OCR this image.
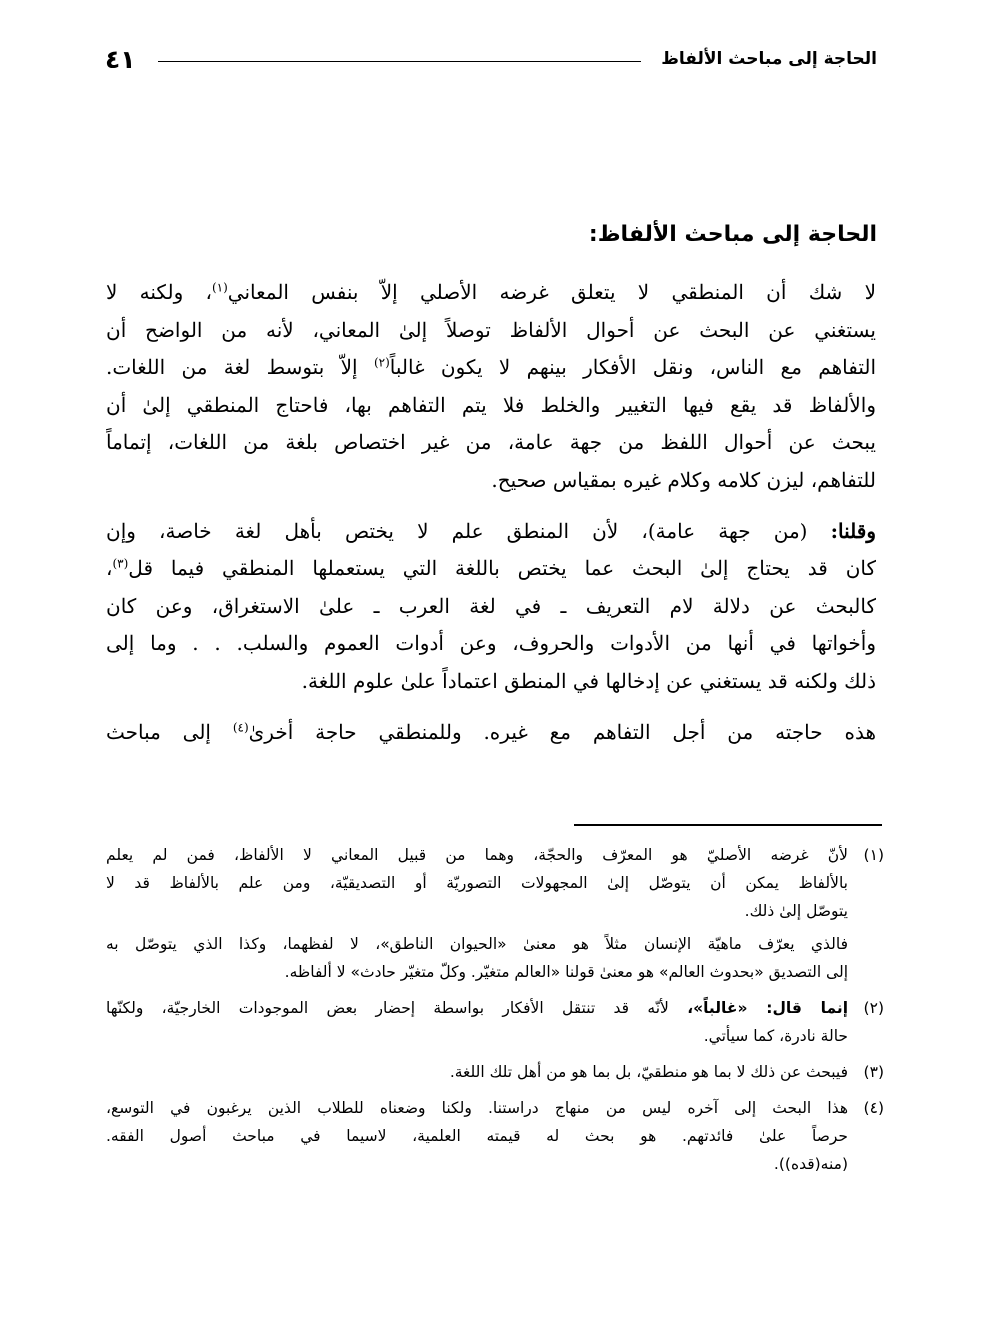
الحاجة إلى مباحث الألفاظ
٤١
الحاجة إلى مباحث الألفاظ:
لا شك أن المنطقي لا يتعلق غرضه الأصلي إلاّ بنفس المعاني$^{(١)}$، ولكنه لا
يستغني عن البحث عن أحوال الألفاظ توصلاً إلىٰ المعاني، لأنه من الواضح أن
التفاهم مع الناس، ونقل الأفكار بينهم لا يكون غالباً$^{(٢)}$ إلاّ بتوسط لغة من اللغات.
والألفاظ قد يقع فيها التغيير والخلط فلا يتم التفاهم بها، فاحتاج المنطقي إلىٰ أن
يبحث عن أحوال اللفظ من جهة عامة، من غير اختصاص بلغة من اللغات، إتماماً
للتفاهم، ليزن كلامه وكلام غيره بمقياس صحيح.
وقلنا: (من جهة عامة)، لأن المنطق علم لا يختص بأهل لغة خاصة، وإن
كان قد يحتاج إلىٰ البحث عما يختص باللغة التي يستعملها المنطقي فيما قل$^{(٣)}$،
كالبحث عن دلالة لام التعريف ـ في لغة العرب ـ علىٰ الاستغراق، وعن كان
وأخواتها في أنها من الأدوات والحروف، وعن أدوات العموم والسلب. . . وما إلى
ذلك ولكنه قد يستغني عن إدخالها في المنطق اعتماداً علىٰ علوم اللغة.
هذه حاجته من أجل التفاهم مع غيره. وللمنطقي حاجة أخرىٰ$^{(٤)}$ إلى مباحث
(١)
لأنّ غرضه الأصليّ هو المعرّف والحجّة، وهما من قبيل المعاني لا الألفاظ، فمن لم يعلم
بالألفاظ يمكن أن يتوصّل إلىٰ المجهولات التصوريّة أو التصديقيّة، ومن علم بالألفاظ قد لا
يتوصّل إلىٰ ذلك.
فالذي يعرّف ماهيّة الإنسان مثلاً هو معنىٰ «الحيوان الناطق»، لا لفظهما، وكذا الذي يتوصّل به
إلى التصديق «بحدوث العالم» هو معنىٰ قولنا «العالم متغيّر. وكلّ متغيّر حادث» لا ألفاظه.
(٢)
إنما قال: «غالباً»، لأنّه قد تنتقل الأفكار بواسطة إحضار بعض الموجودات الخارجيّة، ولكنّها
حالة نادرة، كما سيأتي.
(٣)
فيبحث عن ذلك لا بما هو منطقيّ، بل بما هو من أهل تلك اللغة.
(٤)
هذا البحث إلى آخره ليس من منهاج دراستنا. ولكنا وضعناه للطلاب الذين يرغبون في التوسع،
حرصاً علىٰ فائدتهم. هو بحث له قيمته العلمية، لاسيما في مباحث أصول الفقه.
(منه(قده)).
